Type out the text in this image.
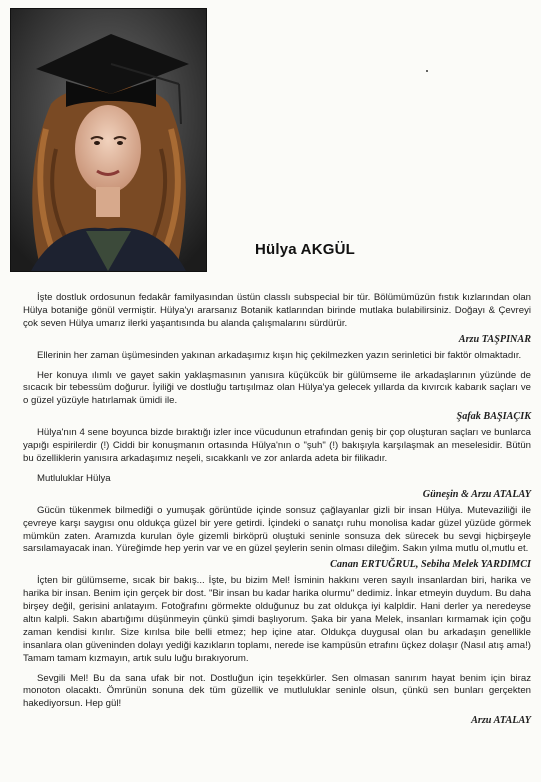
Hülya AKGÜL

İşte dostluk ordosunun fedakâr familyasından üstün classlı subspecial bir tür. Bölümümüzün fıstık kızlarından olan Hülya botaniğe gönül vermiştir. Hülya'yı ararsanız Botanik katlarından birinde mutlaka bulabilirsiniz. Doğayı & Çevreyi çok seven Hülya umarız ilerki yaşantısında bu alanda çalışmalarını sürdürür.

Arzu TAŞPINAR

Ellerinin her zaman üşümesinden yakınan arkadaşımız kışın hiç çekilmezken yazın serinletici bir faktör olmaktadır.

Her konuya ılımlı ve gayet sakin yaklaşmasının yanısıra küçükcük bir gülümseme ile arkadaşlarının yüzünde de sıcacık bir tebessüm doğurur. İyiliği ve dostluğu tartışılmaz olan Hülya'ya gelecek yıllarda da kıvırcık kabarık saçları ve o güzel yüzüyle hatırlamak ümidi ile.

Şafak BAŞIAÇIK

Hülya'nın 4 sene boyunca bizde bıraktığı izler ince vücudunun etrafından geniş bir çop oluşturan saçları ve bunlarca yapığı espirilerdir (!) Ciddi bir konuşmanın ortasında Hülya'nın o "şuh" (!) bakışıyla karşılaşmak an meselesidir. Bütün bu özelliklerin yanısıra arkadaşımız neşeli, sıcakkanlı ve zor anlarda adeta bir filikadır.

Mutluluklar Hülya

Güneşin & Arzu ATALAY

Gücün tükenmek bilmediği o yumuşak görüntüde içinde sonsuz çağlayanlar gizli bir insan Hülya. Mutevaziliği ile çevreye karşı saygısı onu oldukça güzel bir yere getirdi. İçindeki o sanatçı ruhu monolisa kadar güzel yüzüde görmek mümkün zaten. Aramızda kurulan öyle gizemli birköprü oluştuki seninle sonsuza dek sürecek bu sevgi hiçbirşeyle sarsılamayacak inan. Yüreğimde hep yerin var ve en güzel şeylerin senin olması dileğim. Sakın yılma mutlu ol,mutlu et.

Canan ERTUĞRUL, Sebiha Melek YARDIMCI

İçten bir gülümseme, sıcak bir bakış... İşte, bu bizim Mel! İsminin hakkını veren sayılı insanlardan biri, harika ve harika bir insan. Benim için gerçek bir dost. "Bir insan bu kadar harika olurmu" dedimiz. İnkar etmeyin duydum. Bu daha birşey değil, gerisini anlatayım. Fotoğrafını görmekte olduğunuz bu zat oldukça iyi kalpldir. Hani derler ya neredeyse altın kalpli. Sakın abartığımı düşünmeyin çünkü şimdi başlıyorum. Şaka bir yana Melek, insanları kırmamak için çoğu zaman kendisi kırılır. Size kırılsa bile belli etmez; hep içine atar. Oldukça duygusal olan bu arkadaşın genellikle insanlara olan güveninden dolayı yediği kazıkların toplamı, nerede ise kampüsün etrafını üçkez dolaşır (Nasıl atış ama!) Tamam tamam kızmayın, artık sulu luğu bırakıyorum.

Sevgili Mel! Bu da sana ufak bir not. Dostluğun için teşekkürler. Sen olmasan sanırım hayat benim için biraz monoton olacaktı. Ömrünün sonuna dek tüm güzellik ve mutluluklar seninle olsun, çünkü sen bunları gerçekten hakediyorsun. Hep gül!

Arzu ATALAY
